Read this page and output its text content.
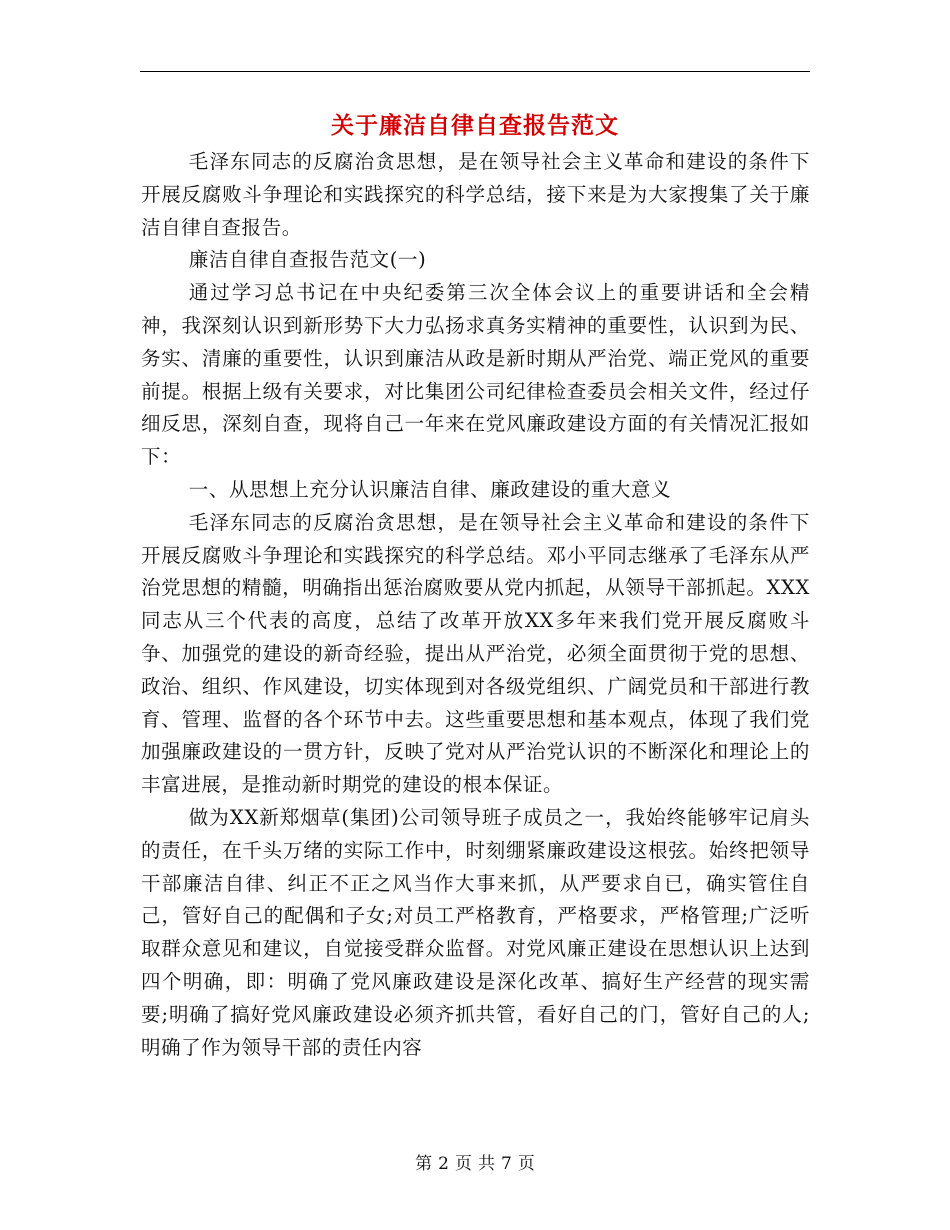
关于廉洁自律自查报告范文

毛泽东同志的反腐治贪思想，是在领导社会主义革命和建设的条件下开展反腐败斗争理论和实践探究的科学总结，接下来是为大家搜集了关于廉洁自律自查报告。

廉洁自律自查报告范文(一)

通过学习总书记在中央纪委第三次全体会议上的重要讲话和全会精神，我深刻认识到新形势下大力弘扬求真务实精神的重要性，认识到为民、务实、清廉的重要性，认识到廉洁从政是新时期从严治党、端正党风的重要前提。根据上级有关要求，对比集团公司纪律检查委员会相关文件，经过仔细反思，深刻自查，现将自己一年来在党风廉政建设方面的有关情况汇报如下：

一、从思想上充分认识廉洁自律、廉政建设的重大意义

毛泽东同志的反腐治贪思想，是在领导社会主义革命和建设的条件下开展反腐败斗争理论和实践探究的科学总结。邓小平同志继承了毛泽东从严治党思想的精髓，明确指出惩治腐败要从党内抓起，从领导干部抓起。XXX同志从三个代表的高度，总结了改革开放XX多年来我们党开展反腐败斗争、加强党的建设的新奇经验，提出从严治党，必须全面贯彻于党的思想、政治、组织、作风建设，切实体现到对各级党组织、广阔党员和干部进行教育、管理、监督的各个环节中去。这些重要思想和基本观点，体现了我们党加强廉政建设的一贯方针，反映了党对从严治党认识的不断深化和理论上的丰富进展，是推动新时期党的建设的根本保证。

做为XX新郑烟草(集团)公司领导班子成员之一，我始终能够牢记肩头的责任，在千头万绪的实际工作中，时刻绷紧廉政建设这根弦。始终把领导干部廉洁自律、纠正不正之风当作大事来抓，从严要求自已，确实管住自己，管好自己的配偶和子女;对员工严格教育，严格要求，严格管理;广泛听取群众意见和建议，自觉接受群众监督。对党风廉正建设在思想认识上达到四个明确，即：明确了党风廉政建设是深化改革、搞好生产经营的现实需要;明确了搞好党风廉政建设必须齐抓共管，看好自己的门，管好自己的人;明确了作为领导干部的责任内容

第 2 页 共 7 页
